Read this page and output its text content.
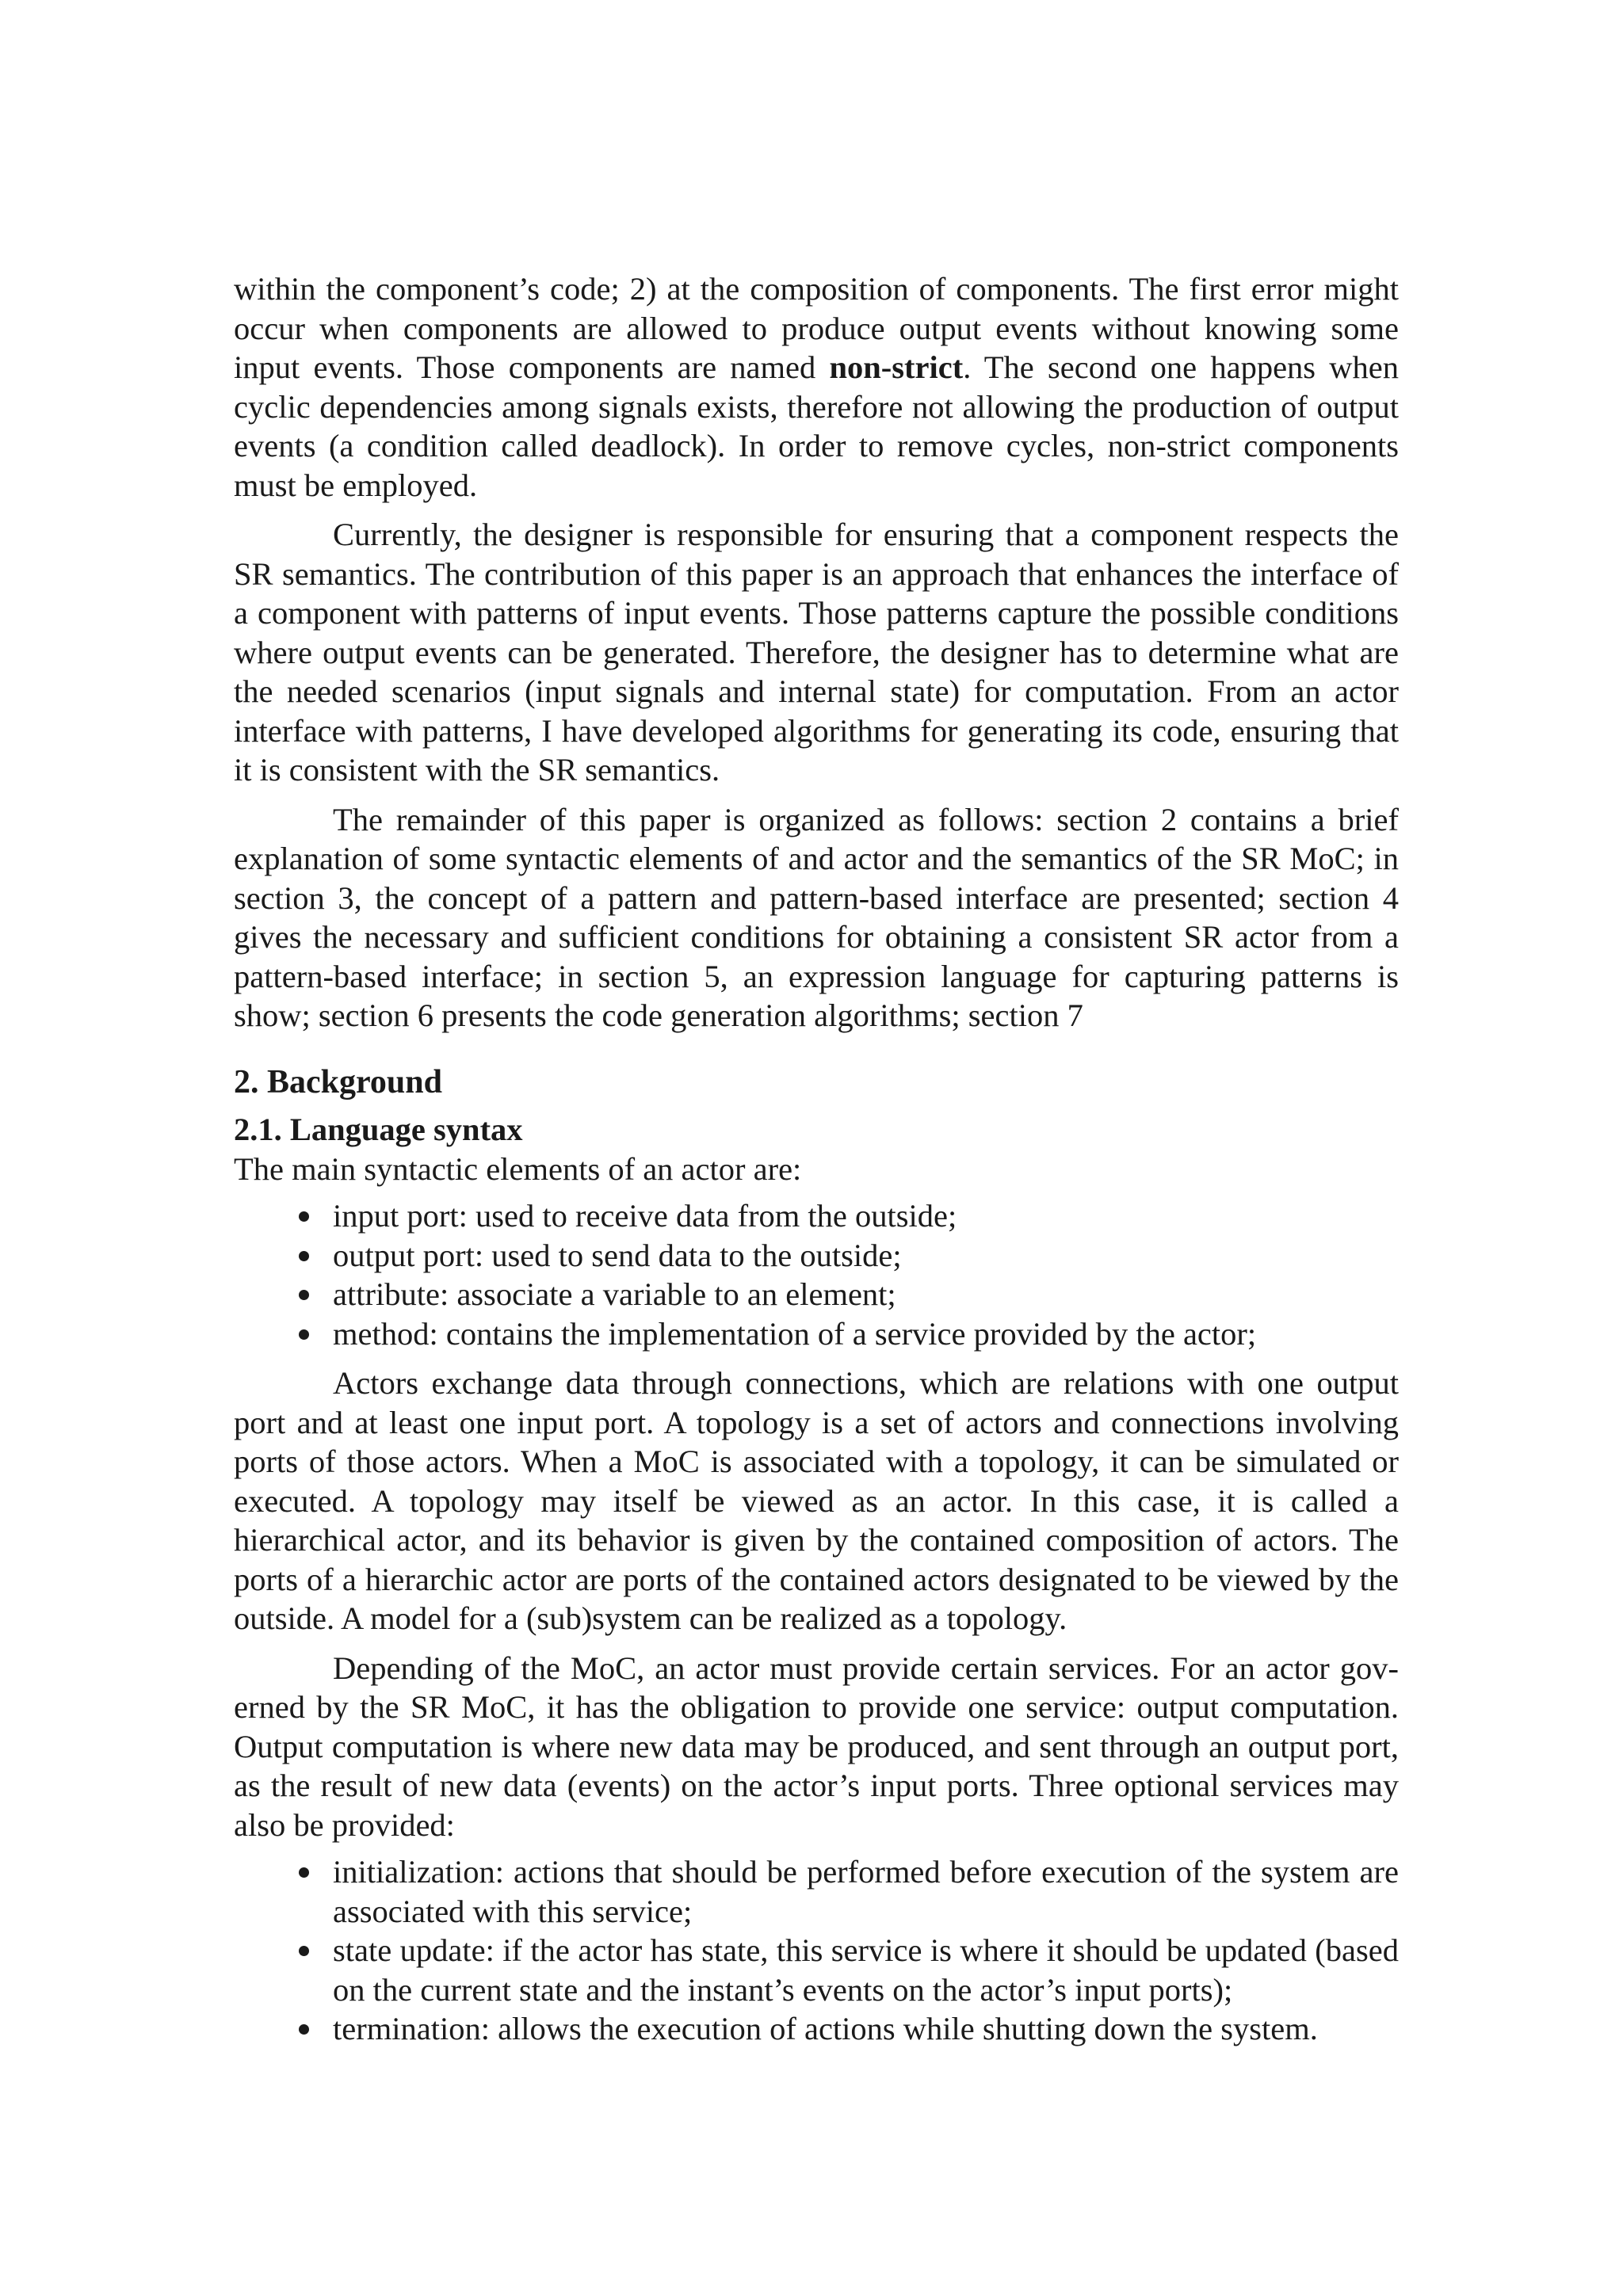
within the component’s code; 2) at the composition of components. The first error might occur when components are allowed to produce output events without knowing some input events. Those components are named non-strict. The second one happens when cyclic dependencies among signals exists, therefore not allowing the production of output events (a condition called deadlock). In order to remove cycles, non-strict components must be employed.

Currently, the designer is responsible for ensuring that a component respects the SR semantics. The contribution of this paper is an approach that enhances the interface of a component with patterns of input events. Those patterns capture the possible conditions where output events can be generated. Therefore, the designer has to determine what are the needed scenarios (input signals and internal state) for computation. From an actor interface with patterns, I have developed algorithms for generating its code, ensuring that it is consistent with the SR semantics.

The remainder of this paper is organized as follows: section 2 contains a brief explanation of some syntactic elements of and actor and the semantics of the SR MoC; in section 3, the concept of a pattern and pattern-based interface are presented; section 4 gives the necessary and sufficient conditions for obtaining a consistent SR actor from a pattern-based interface; in section 5, an expression language for capturing patterns is show; section 6 presents the code generation algorithms; section 7

2. Background
2.1. Language syntax

The main syntactic elements of an actor are:

input port: used to receive data from the outside;
output port: used to send data to the outside;
attribute: associate a variable to an element;
method: contains the implementation of a service provided by the actor;

Actors exchange data through connections, which are relations with one output port and at least one input port. A topology is a set of actors and connections involving ports of those actors. When a MoC is associated with a topology, it can be simulated or executed. A topology may itself be viewed as an actor. In this case, it is called a hierarchical actor, and its behavior is given by the contained composition of actors. The ports of a hierarchic actor are ports of the contained actors designated to be viewed by the outside. A model for a (sub)system can be realized as a topology.

Depending of the MoC, an actor must provide certain services. For an actor governed by the SR MoC, it has the obligation to provide one service: output computation. Output computation is where new data may be produced, and sent through an output port, as the result of new data (events) on the actor’s input ports. Three optional services may also be provided:

initialization: actions that should be performed before execution of the system are associated with this service;
state update: if the actor has state, this service is where it should be updated (based on the current state and the instant’s events on the actor’s input ports);
termination: allows the execution of actions while shutting down the system.
